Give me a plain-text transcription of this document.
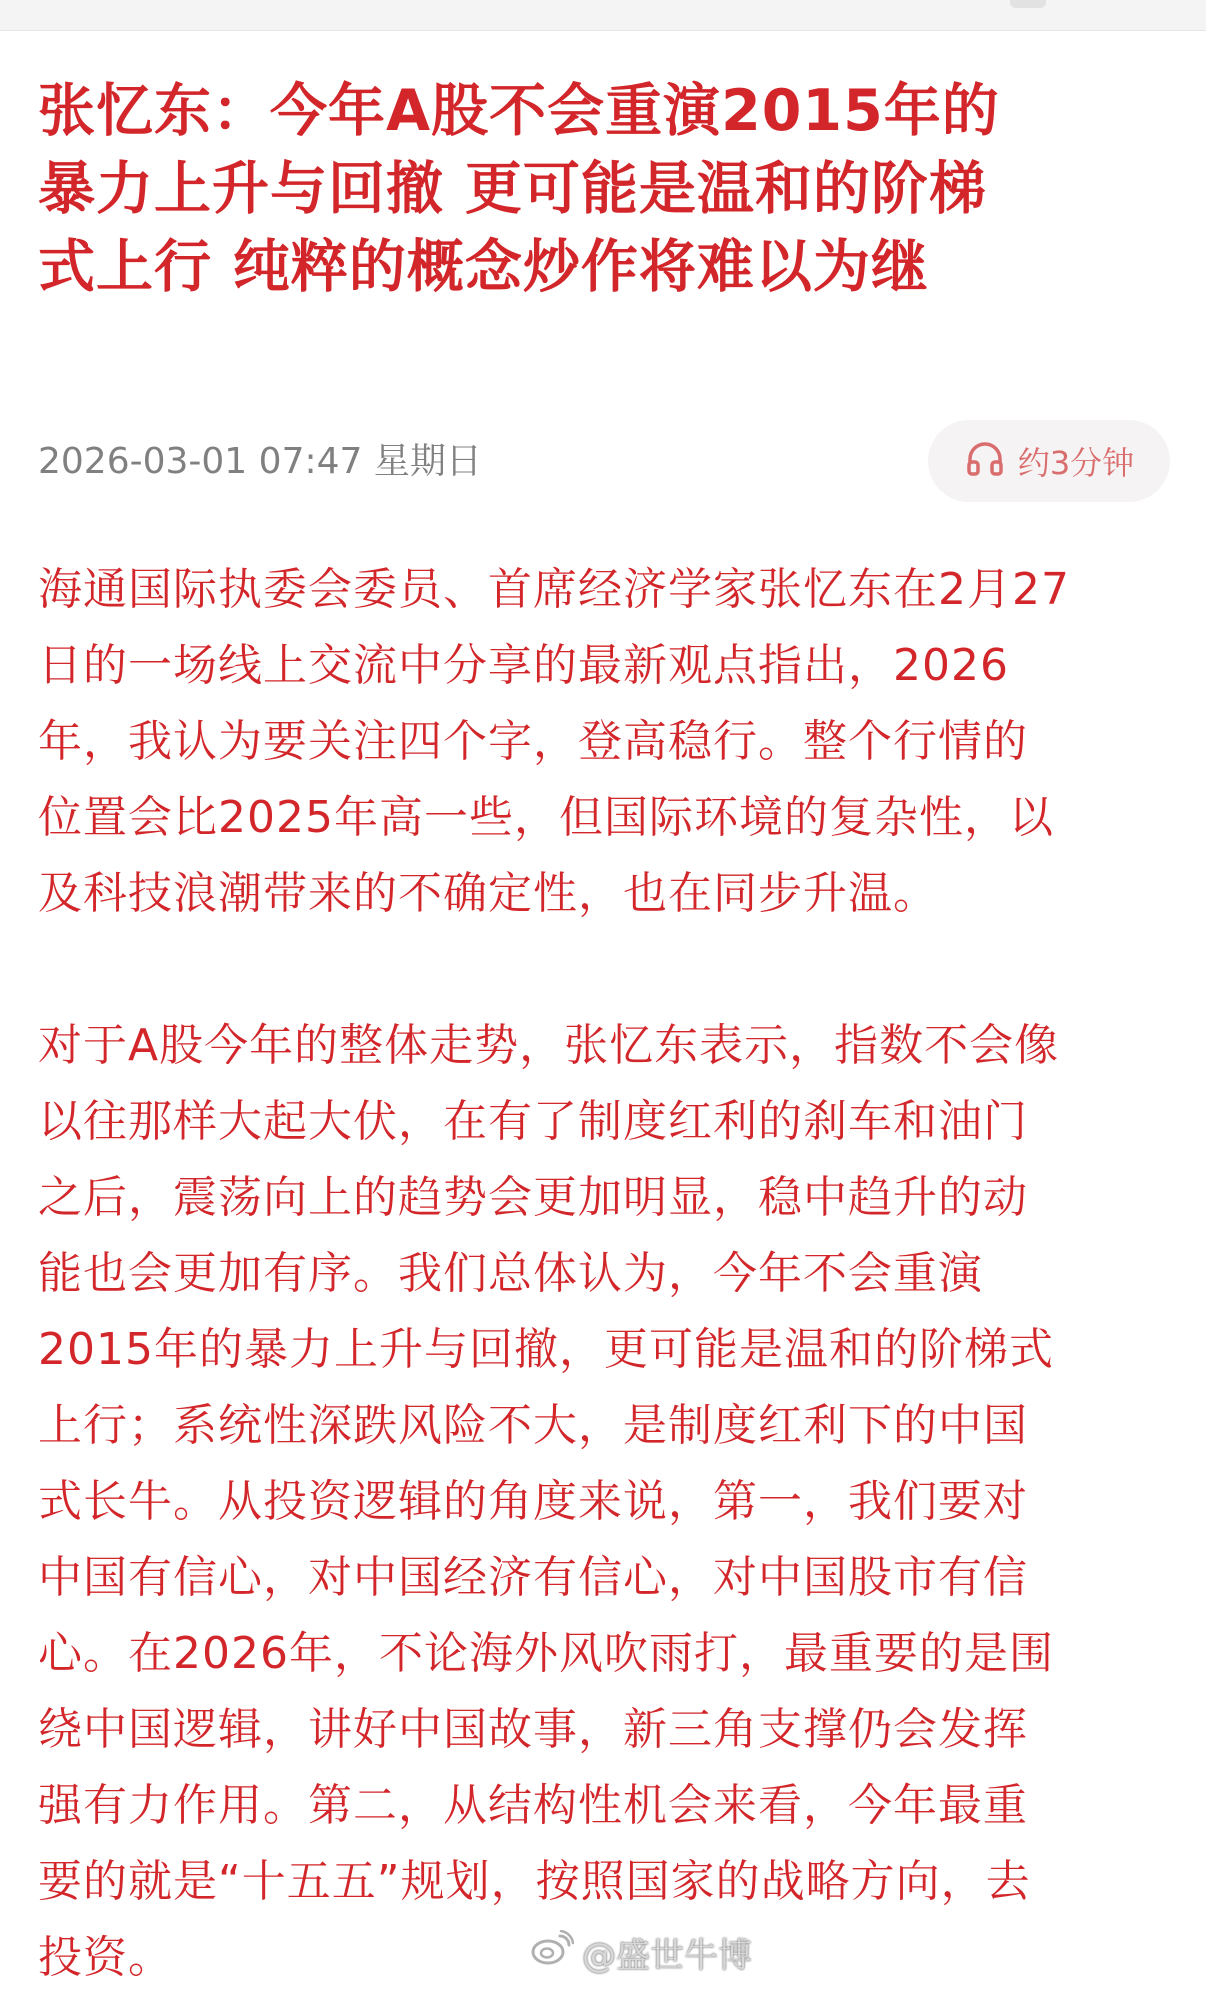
张忆东：今年A股不会重演2015年的
暴力上升与回撤 更可能是温和的阶梯
式上行 纯粹的概念炒作将难以为继
2026-03-01 07:47 星期日	约3分钟

海通国际执委会委员、首席经济学家张忆东在2月27
日的一场线上交流中分享的最新观点指出，2026
年，我认为要关注四个字，登高稳行。整个行情的
位置会比2025年高一些，但国际环境的复杂性，以
及科技浪潮带来的不确定性，也在同步升温。

对于A股今年的整体走势，张忆东表示，指数不会像
以往那样大起大伏，在有了制度红利的刹车和油门
之后，震荡向上的趋势会更加明显，稳中趋升的动
能也会更加有序。我们总体认为，今年不会重演
2015年的暴力上升与回撤，更可能是温和的阶梯式
上行；系统性深跌风险不大，是制度红利下的中国
式长牛。从投资逻辑的角度来说，第一，我们要对
中国有信心，对中国经济有信心，对中国股市有信
心。在2026年，不论海外风吹雨打，最重要的是围
绕中国逻辑，讲好中国故事，新三角支撑仍会发挥
强有力作用。第二，从结构性机会来看，今年最重
要的就是“十五五”规划，按照国家的战略方向，去
投资。	@盛世牛博
